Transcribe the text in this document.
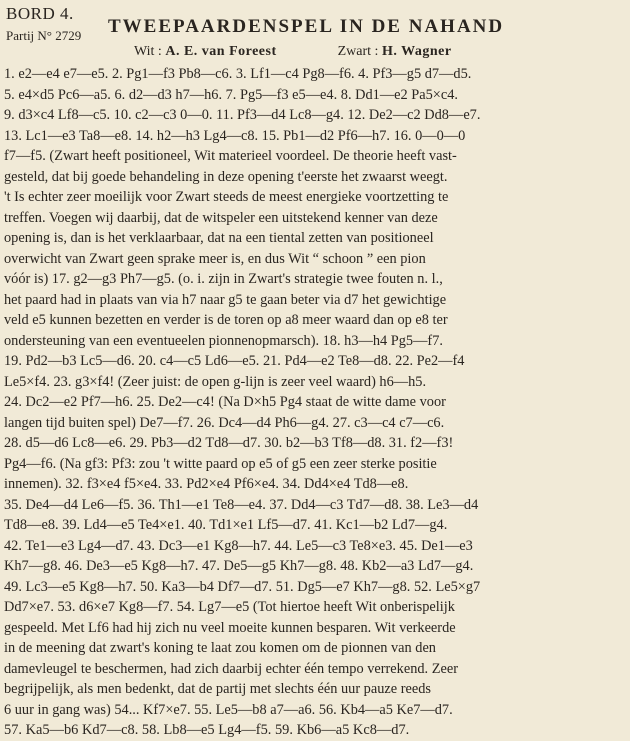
BORD 4.
Partij N° 2729 TWEEPAARDENSPEL IN DE NAHAND
Wit : A. E. van Foreest	Zwart : H. Wagner

1. e2—e4 e7—e5. 2. Pg1—f3 Pb8—c6. 3. Lf1—c4 Pg8—f6. 4. Pf3—g5 d7—d5.

5. e4×d5 Pc6—a5. 6. d2—d3 h7—h6. 7. Pg5—f3 e5—e4. 8. Dd1—e2 Pa5×c4.

9. d3×c4 Lf8—c5. 10. c2—c3 0—0. 11. Pf3—d4 Lc8—g4. 12. De2—c2 Dd8—e7.

13. Lc1—e3 Ta8—e8. 14. h2—h3 Lg4—c8. 15. Pb1—d2 Pf6—h7. 16. 0—0—0

f7—f5. (Zwart heeft positioneel, Wit materieel voordeel. De theorie heeft vast-

gesteld, dat bij goede behandeling in deze opening t'eerste het zwaarst weegt.

't Is echter zeer moeilijk voor Zwart steeds de meest energieke voortzetting te

treffen. Voegen wij daarbij, dat de witspeler een uitstekend kenner van deze

opening is, dan is het verklaarbaar, dat na een tiental zetten van positioneel

overwicht van Zwart geen sprake meer is, en dus Wit “ schoon ” een pion

vóór is) 17. g2—g3 Ph7—g5. (o. i. zijn in Zwart's strategie twee fouten n. l.,

het paard had in plaats van via h7 naar g5 te gaan beter via d7 het gewichtige

veld e5 kunnen bezetten en verder is de toren op a8 meer waard dan op e8 ter

ondersteuning van een eventueelen pionnenopmarsch). 18. h3—h4 Pg5—f7.

19. Pd2—b3 Lc5—d6. 20. c4—c5 Ld6—e5. 21. Pd4—e2 Te8—d8. 22. Pe2—f4

Le5×f4. 23. g3×f4! (Zeer juist: de open g-lijn is zeer veel waard) h6—h5.

24. Dc2—e2 Pf7—h6. 25. De2—c4! (Na D×h5 Pg4 staat de witte dame voor

langen tijd buiten spel) De7—f7. 26. Dc4—d4 Ph6—g4. 27. c3—c4 c7—c6.

28. d5—d6 Lc8—e6. 29. Pb3—d2 Td8—d7. 30. b2—b3 Tf8—d8. 31. f2—f3!

Pg4—f6. (Na gf3: Pf3: zou 't witte paard op e5 of g5 een zeer sterke positie

innemen). 32. f3×e4 f5×e4. 33. Pd2×e4 Pf6×e4. 34. Dd4×e4 Td8—e8.

35. De4—d4 Le6—f5. 36. Th1—e1 Te8—e4. 37. Dd4—c3 Td7—d8. 38. Le3—d4

Td8—e8. 39. Ld4—e5 Te4×e1. 40. Td1×e1 Lf5—d7. 41. Kc1—b2 Ld7—g4.

42. Te1—e3 Lg4—d7. 43. Dc3—e1 Kg8—h7. 44. Le5—c3 Te8×e3. 45. De1—e3

Kh7—g8. 46. De3—e5 Kg8—h7. 47. De5—g5 Kh7—g8. 48. Kb2—a3 Ld7—g4.

49. Lc3—e5 Kg8—h7. 50. Ka3—b4 Df7—d7. 51. Dg5—e7 Kh7—g8. 52. Le5×g7

Dd7×e7. 53. d6×e7 Kg8—f7. 54. Lg7—e5 (Tot hiertoe heeft Wit onberispelijk

gespeeld. Met Lf6 had hij zich nu veel moeite kunnen besparen. Wit verkeerde

in de meening dat zwart's koning te laat zou komen om de pionnen van den

damevleugel te beschermen, had zich daarbij echter één tempo verrekend. Zeer

begrijpelijk, als men bedenkt, dat de partij met slechts één uur pauze reeds

6 uur in gang was) 54... Kf7×e7. 55. Le5—b8 a7—a6. 56. Kb4—a5 Ke7—d7.

57. Ka5—b6 Kd7—c8. 58. Lb8—e5 Lg4—f5. 59. Kb6—a5 Kc8—d7.
